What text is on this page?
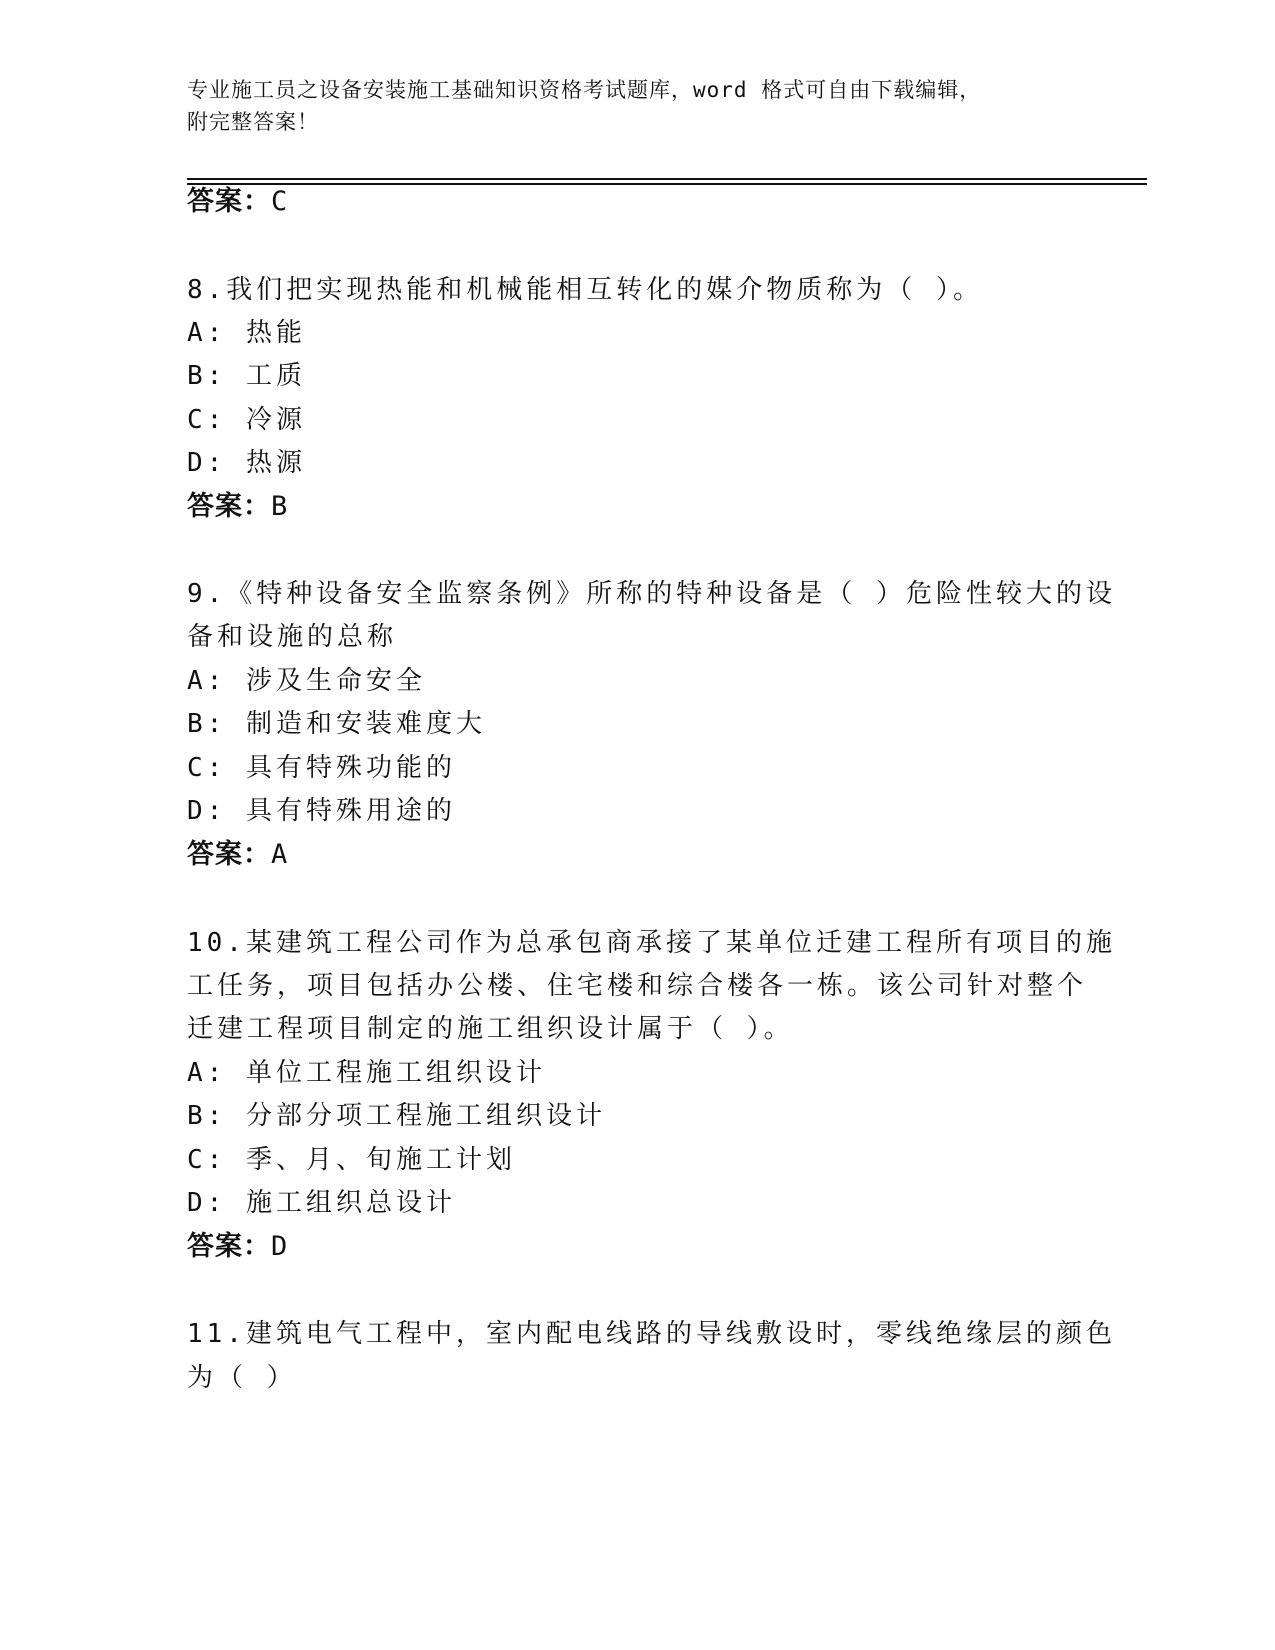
专业施工员之设备安装施工基础知识资格考试题库，word 格式可自由下载编辑，
附完整答案！
答案：C
8.我们把实现热能和机械能相互转化的媒介物质称为（ ）。
A: 热能
B: 工质
C: 冷源
D: 热源
答案：B
9.《特种设备安全监察条例》所称的特种设备是（ ）危险性较大的设
备和设施的总称
A: 涉及生命安全
B: 制造和安装难度大
C: 具有特殊功能的
D: 具有特殊用途的
答案：A
10.某建筑工程公司作为总承包商承接了某单位迁建工程所有项目的施
工任务，项目包括办公楼、住宅楼和综合楼各一栋。该公司针对整个
迁建工程项目制定的施工组织设计属于（ ）。
A: 单位工程施工组织设计
B: 分部分项工程施工组织设计
C: 季、月、旬施工计划
D: 施工组织总设计
答案：D
11.建筑电气工程中，室内配电线路的导线敷设时，零线绝缘层的颜色
为（ ）
